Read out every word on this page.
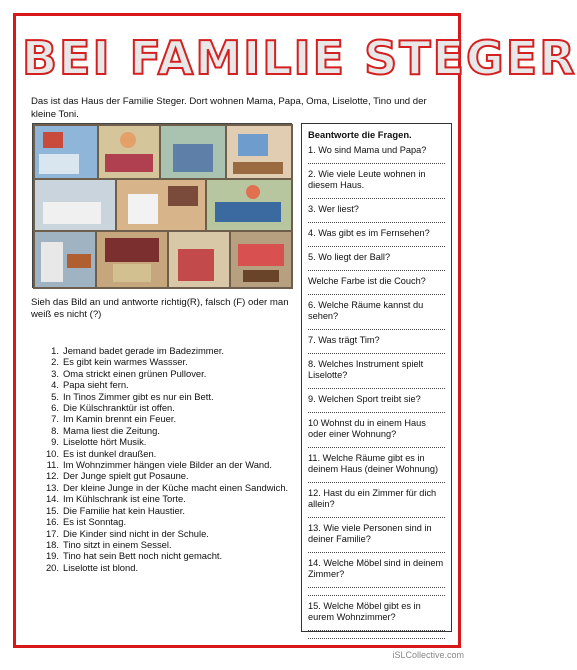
BEI FAMILIE STEGER
Das ist das Haus der Familie Steger. Dort wohnen Mama, Papa, Oma, Liselotte, Tino und der kleine Toni.
Sieh das Bild an und antworte richtig(R), falsch (F) oder man weiß es nicht (?)
1. Jemand badet gerade im Badezimmer.
2. Es gibt kein warmes Wassser.
3. Oma strickt einen grünen Pullover.
4. Papa sieht fern.
5. In Tinos Zimmer gibt es nur ein Bett.
6. Die Külschranktür ist offen.
7. Im Kamin brennt ein Feuer.
8. Mama liest die Zeitung.
9. Liselotte hört Musik.
10. Es ist dunkel draußen.
11. Im Wohnzimmer hängen viele Bilder an der Wand.
12. Der Junge spielt gut Posaune.
13. Der kleine Junge in der Küche macht einen Sandwich.
14. Im Kühlschrank ist eine Torte.
15. Die Familie hat kein Haustier.
16. Es ist Sonntag.
17. Die Kinder sind nicht in der Schule.
18. Tino sitzt in einem Sessel.
19. Tino hat sein Bett noch nicht gemacht.
20. Liselotte ist blond.
Beantworte die Fragen.
1. Wo sind Mama und Papa?
2. Wie viele Leute wohnen in diesem Haus.
3. Wer liest?
4. Was gibt es im Fernsehen?
5. Wo liegt der Ball?
Welche Farbe ist die Couch?
6. Welche Räume kannst du sehen?
7. Was trägt Tim?
8. Welches Instrument spielt Liselotte?
9. Welchen Sport treibt sie?
10 Wohnst du in einem Haus oder einer Wohnung?
11. Welche Räume gibt es in deinem Haus (deiner Wohnung)
12. Hast du ein Zimmer für dich allein?
13. Wie viele Personen sind in deiner Familie?
14. Welche Möbel sind in deinem Zimmer?
15. Welche Möbel gibt es in eurem Wohnzimmer?
iSLCollective.com
